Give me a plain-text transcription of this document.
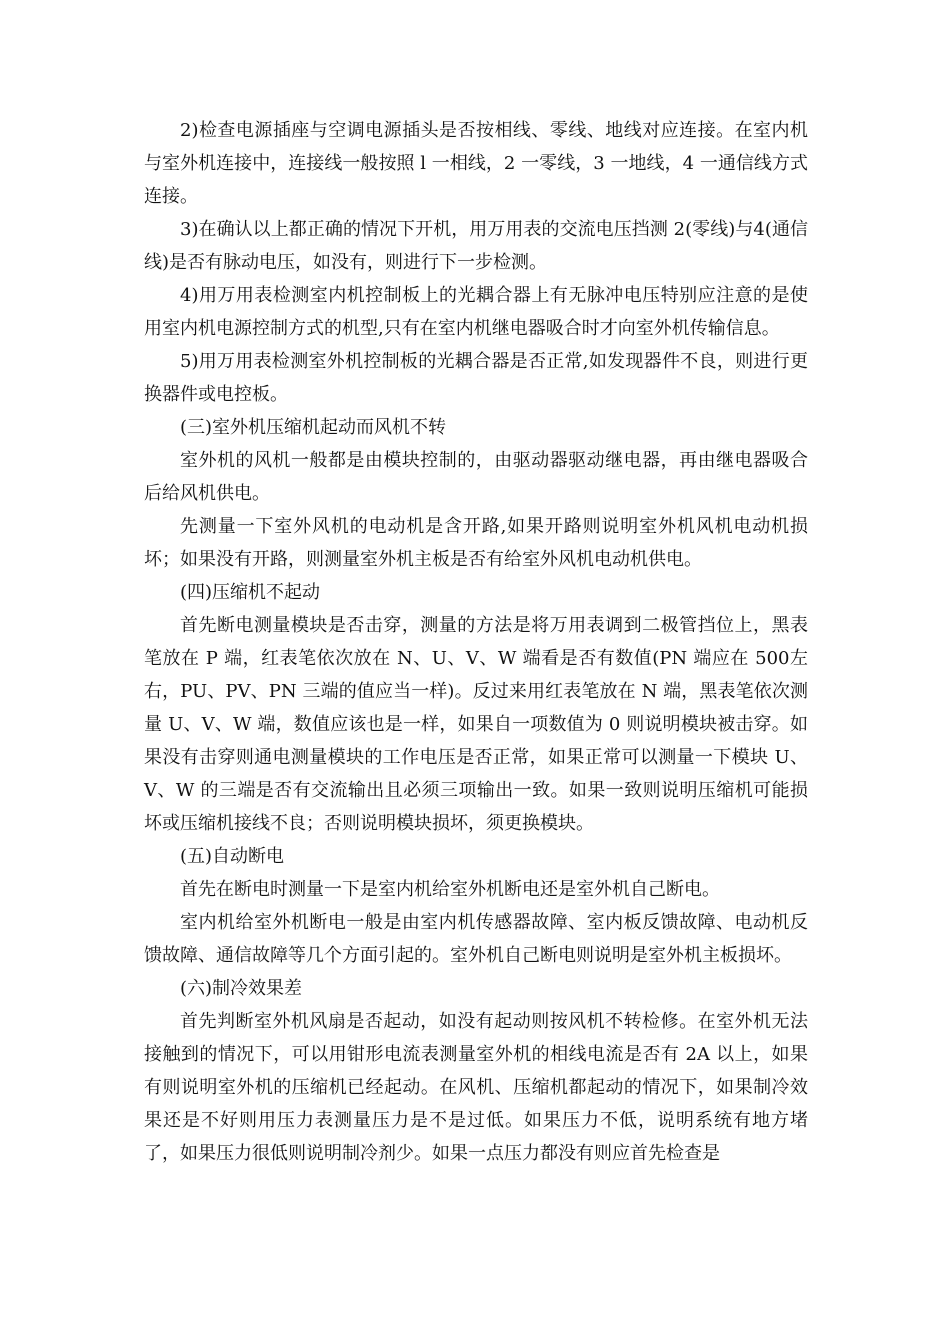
2)检查电源插座与空调电源插头是否按相线、零线、地线对应连接。在室内机与室外机连接中，连接线一般按照 l 一相线，2 一零线，3 一地线，4 一通信线方式连接。

3)在确认以上都正确的情况下开机，用万用表的交流电压挡测 2(零线)与4(通信线)是否有脉动电压，如没有，则进行下一步检测。

4)用万用表检测室内机控制板上的光耦合器上有无脉冲电压特别应注意的是使用室内机电源控制方式的机型,只有在室内机继电器吸合时才向室外机传输信息。

5)用万用表检测室外机控制板的光耦合器是否正常,如发现器件不良，则进行更换器件或电控板。

(三)室外机压缩机起动而风机不转

室外机的风机一般都是由模块控制的，由驱动器驱动继电器，再由继电器吸合后给风机供电。

先测量一下室外风机的电动机是含开路,如果开路则说明室外机风机电动机损坏；如果没有开路，则测量室外机主板是否有给室外风机电动机供电。

(四)压缩机不起动

首先断电测量模块是否击穿，测量的方法是将万用表调到二极管挡位上，黑表笔放在 P 端，红表笔依次放在 N、U、V、W 端看是否有数值(PN 端应在 500左右，PU、PV、PN 三端的值应当一样)。反过来用红表笔放在 N 端，黑表笔依次测量 U、V、W 端，数值应该也是一样，如果自一项数值为 0 则说明模块被击穿。如果没有击穿则通电测量模块的工作电压是否正常，如果正常可以测量一下模块 U、V、W 的三端是否有交流输出且必须三项输出一致。如果一致则说明压缩机可能损坏或压缩机接线不良；否则说明模块损坏，须更换模块。

(五)自动断电

首先在断电时测量一下是室内机给室外机断电还是室外机自己断电。

室内机给室外机断电一般是由室内机传感器故障、室内板反馈故障、电动机反馈故障、通信故障等几个方面引起的。室外机自己断电则说明是室外机主板损坏。

(六)制冷效果差

首先判断室外机风扇是否起动，如没有起动则按风机不转检修。在室外机无法接触到的情况下，可以用钳形电流表测量室外机的相线电流是否有 2A 以上，如果有则说明室外机的压缩机已经起动。在风机、压缩机都起动的情况下，如果制冷效果还是不好则用压力表测量压力是不是过低。如果压力不低，说明系统有地方堵了，如果压力很低则说明制冷剂少。如果一点压力都没有则应首先检查是
